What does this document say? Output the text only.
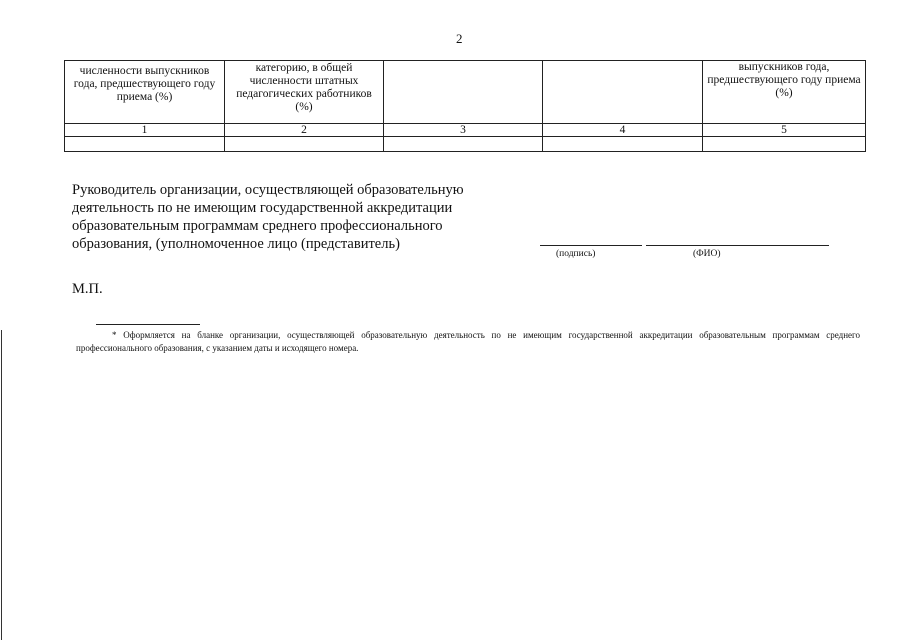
2
численности выпускников года, предшествующего году приема (%)	категорию, в общей численности штатных педагогических работников (%)			выпускников года, предшествующего году приема (%)

1	2	3	4	5

Руководитель организации, осуществляющей образовательную деятельность по не имеющим государственной аккредитации образовательным программам среднего профессионального образования, (уполномоченное лицо (представитель)
(подпись)	(ФИО)
М.П.
* Оформляется на бланке организации, осуществляющей образовательную деятельность по не имеющим государственной аккредитации образовательным программам среднего профессионального образования, с указанием даты и исходящего номера.
